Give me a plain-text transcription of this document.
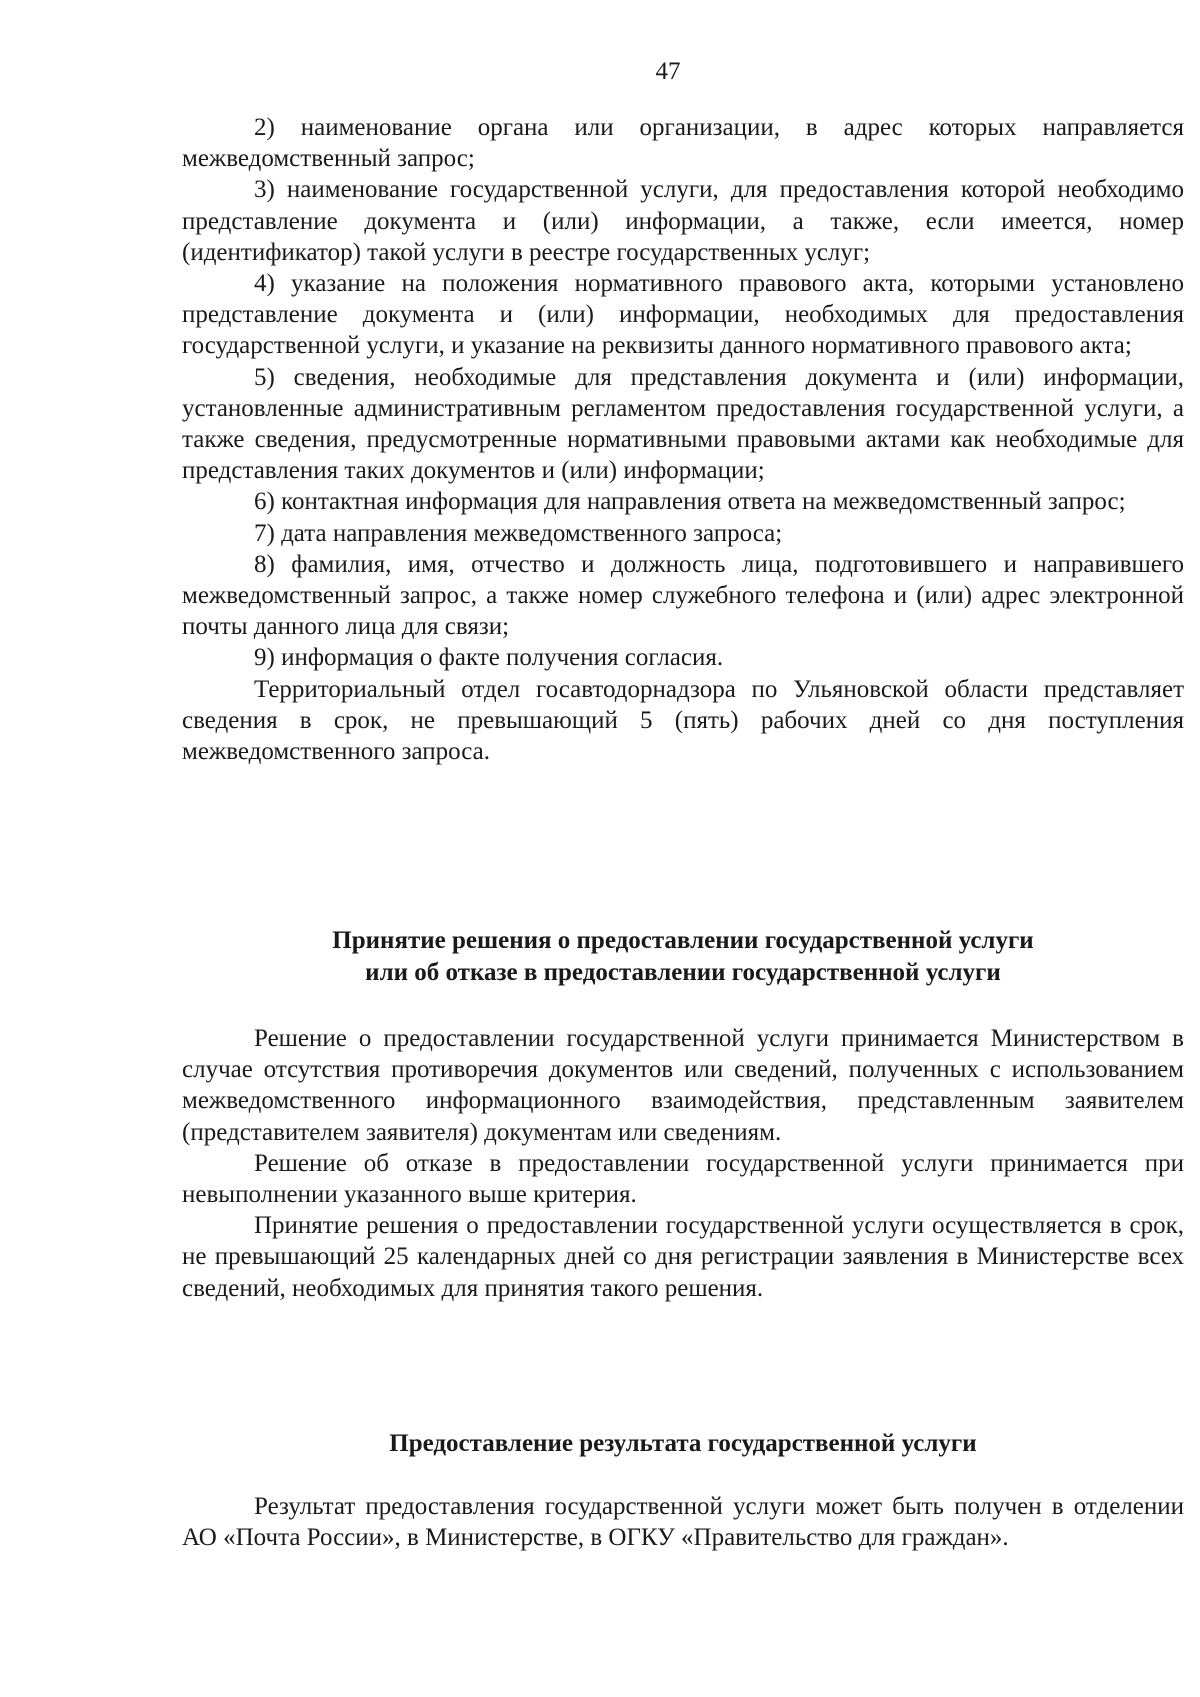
47

2) наименование органа или организации, в адрес которых направляется межведомственный запрос;

3) наименование государственной услуги, для предоставления которой необходимо представление документа и (или) информации, а также, если имеется, номер (идентификатор) такой услуги в реестре государственных услуг;

4) указание на положения нормативного правового акта, которыми установлено представление документа и (или) информации, необходимых для предоставления государственной услуги, и указание на реквизиты данного нормативного правового акта;

5) сведения, необходимые для представления документа и (или) информации, установленные административным регламентом предоставления государственной услуги, а также сведения, предусмотренные нормативными правовыми актами как необходимые для представления таких документов и (или) информации;

6) контактная информация для направления ответа на межведомственный запрос;

7) дата направления межведомственного запроса;

8) фамилия, имя, отчество и должность лица, подготовившего и направившего межведомственный запрос, а также номер служебного телефона и (или) адрес электронной почты данного лица для связи;

9) информация о факте получения согласия.

Территориальный отдел госавтодорнадзора по Ульяновской области представляет сведения в срок, не превышающий 5 (пять) рабочих дней со дня поступления межведомственного запроса.

Принятие решения о предоставлении государственной услуги
или об отказе в предоставлении государственной услуги

Решение о предоставлении государственной услуги принимается Министерством в случае отсутствия противоречия документов или сведений, полученных с использованием межведомственного информационного взаимодействия, представленным заявителем (представителем заявителя) документам или сведениям.

Решение об отказе в предоставлении государственной услуги принимается при невыполнении указанного выше критерия.

Принятие решения о предоставлении государственной услуги осуществляется в срок, не превышающий 25 календарных дней со дня регистрации заявления в Министерстве всех сведений, необходимых для принятия такого решения.

Предоставление результата государственной услуги

Результат предоставления государственной услуги может быть получен в отделении АО «Почта России», в Министерстве, в ОГКУ «Правительство для граждан».
